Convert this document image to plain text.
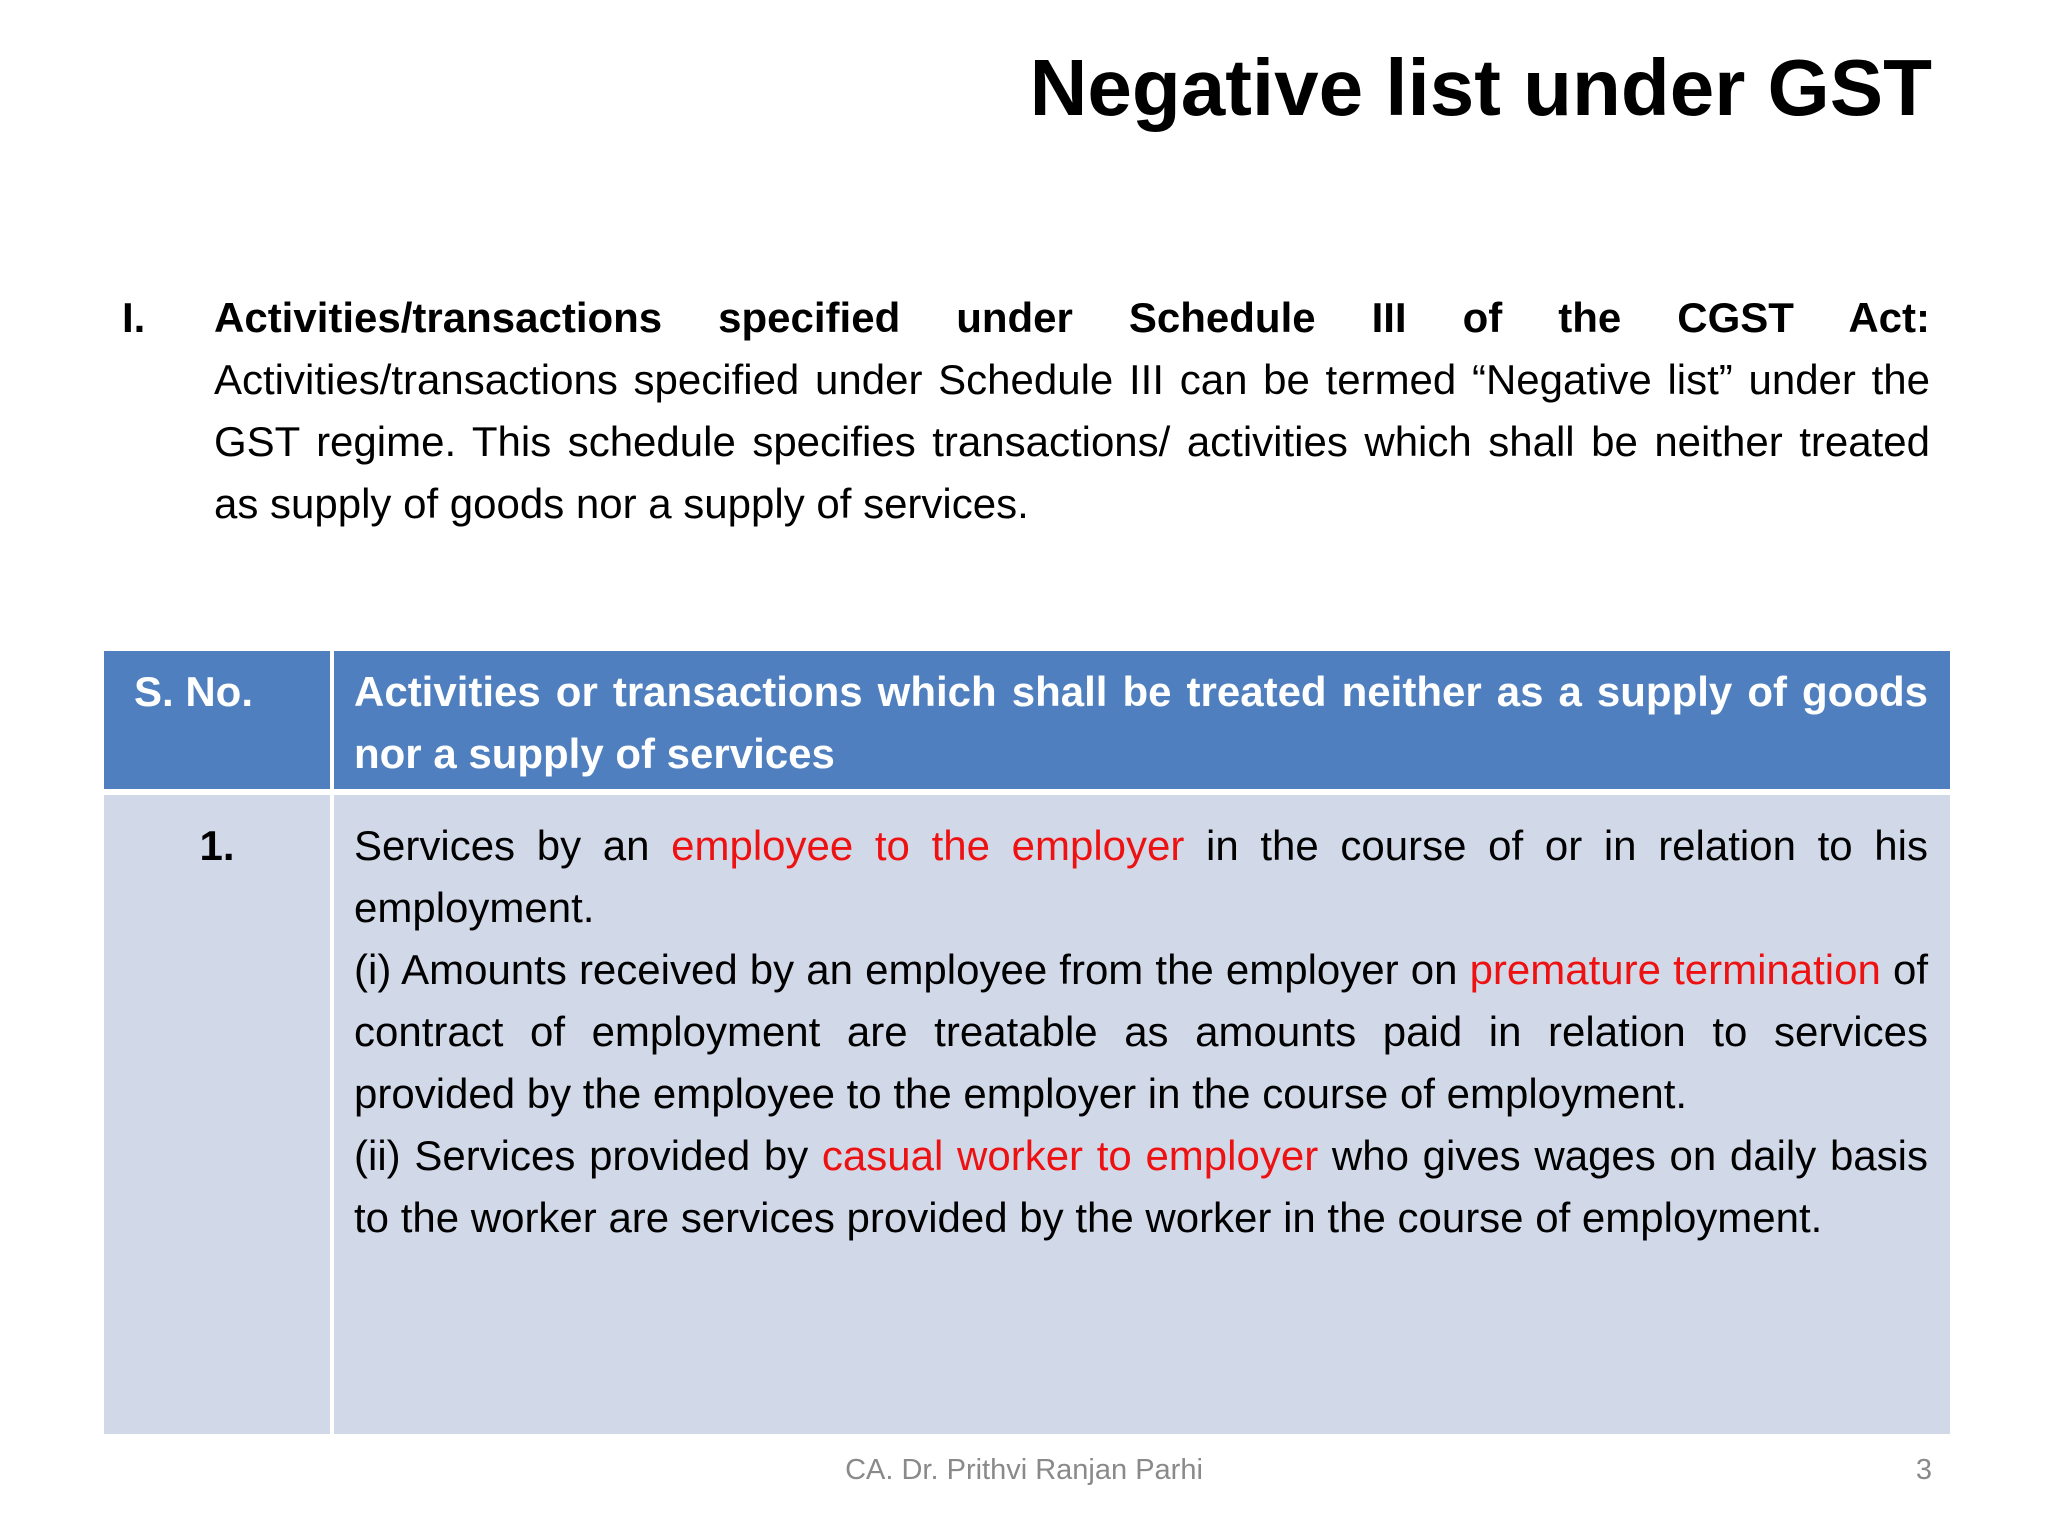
Negative list under GST
I.	Activities/transactions specified under Schedule III of the CGST Act: Activities/transactions specified under Schedule III can be termed “Negative list” under the GST regime. This schedule specifies transactions/ activities which shall be neither treated as supply of goods nor a supply of services.
S. No.	Activities or transactions which shall be treated neither as a supply of goods nor a supply of services
1.	Services by an employee to the employer in the course of or in relation to his employment.
(i) Amounts received by an employee from the employer on premature termination of contract of employment are treatable as amounts paid in relation to services provided by the employee to the employer in the course of employment.
(ii) Services provided by casual worker to employer who gives wages on daily basis to the worker are services provided by the worker in the course of employment.
CA. Dr. Prithvi Ranjan Parhi	3
